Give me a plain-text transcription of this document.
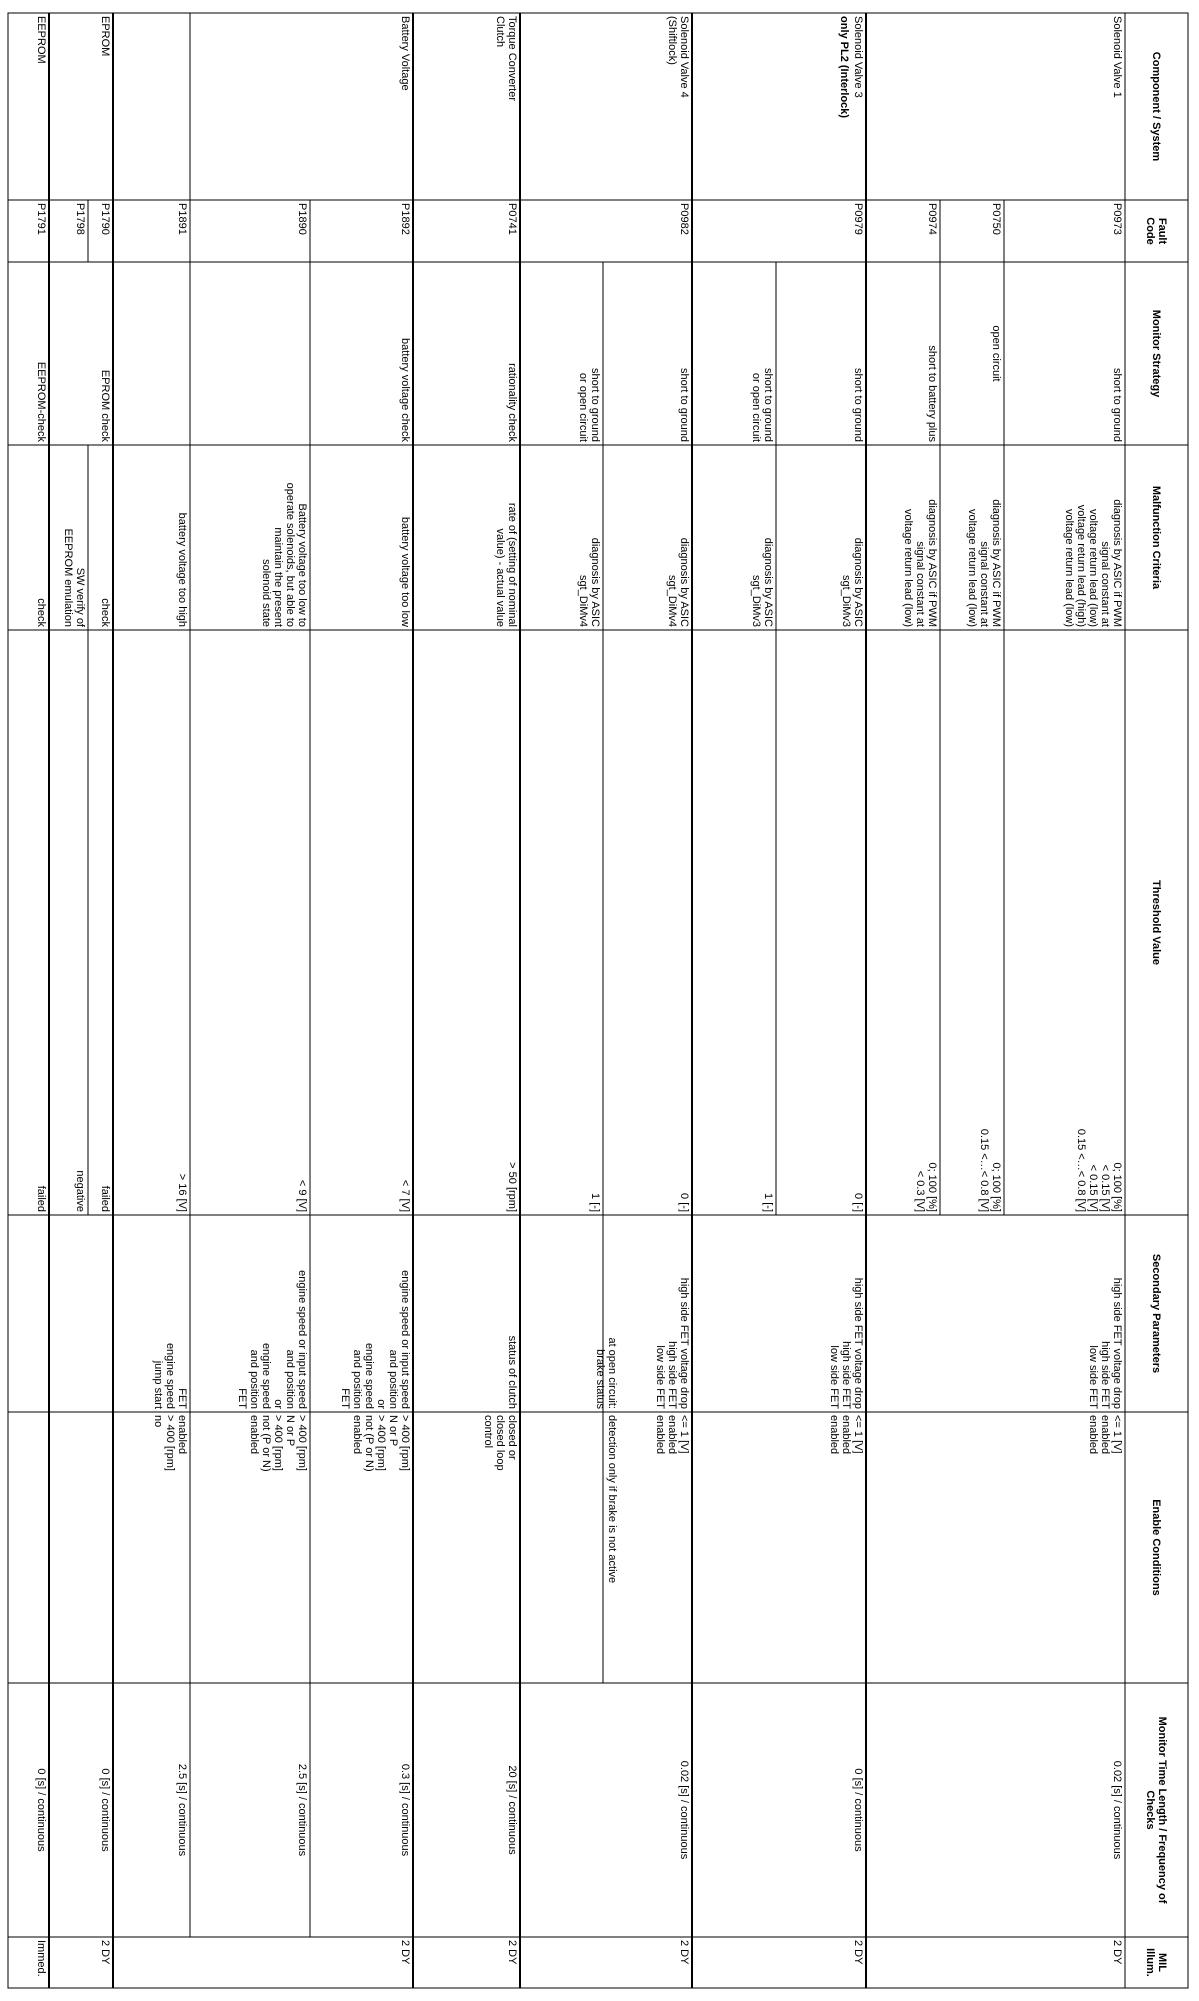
Component / System
Fault
Code
Monitor Strategy
Malfunction Criteria
Threshold Value
Secondary Parameters
Enable Conditions
Monitor Time Length / Frequency of
Checks
MIL
Illum.
Solenoid Valve 1
P0973
short to ground
diagnosis by ASIC if PWM
signal constant at
voltage return lead (low)
voltage return lead (high)
voltage return lead (low)
0; 100 [%]
< 0.15 [V]
< 0.15 [V]
0.15 <…< 0.8 [V]
high side FET voltage drop
high side FET
low side FET
<= 1 [V]
enabled
enabled
P0750
open circuit
diagnosis by ASIC if PWM
signal constant at
voltage return lead (low)
0; 100 [%]
0.15 <…< 0.8 [V]
P0974
short to battery plus
diagnosis by ASIC if PWM
signal constant at
voltage return lead (low)
0; 100 [%]
< 0.3 [V]
0.02 [s] / continuous
2 DY
Solenoid Valve 3
only PL2 (Interlock)
P0979
short to ground
diagnosis by ASIC
sgt_DiMv3
0 [-]
high side FET voltage drop
high side FET
low side FET
<= 1 [V]
enabled
enabled
short to ground
or open circuit
diagnosis by ASIC
sgt_DiMv3
1 [-]
0 [s] / continuous
2 DY
Solenoid Valve 4
(Shiftlock)
P0982
short to ground
diagnosis by ASIC
sgt_DiMv4
0 [-]
high side FET voltage drop
high side FET
low side FET
<= 1 [V]
enabled
enabled
short to ground
or open circuit
diagnosis by ASIC
sgt_DiMv4
1 [-]
at open circuit:
brake status
detection only if brake is not active
0.02 [s] / continuous
2 DY
Torque Converter
Clutch
P0741
rationality check
rate of (setting of nominal
value) - actual value
> 50 [rpm]
status of clutch
closed or
closed loop
control
20 [s] / continuous
2 DY
Battery Voltage
P1892
battery voltage check
battery voltage too low
< 7 [V]
engine speed or input speed
and position
or
engine speed
and position
FET
> 400 [rpm]
N or P
> 400 [rpm]
not (P or N)
enabled
0.3 [s] / continuous
P1890
Battery voltage too low to
operate solenoids, but able to
maintain the present
solenoid state
< 9 [V]
engine speed or input speed
and position
or
engine speed
and position
FET
> 400 [rpm]
N or P
> 400 [rpm]
not (P or N)
enabled
2.5 [s] / continuous
P1891
battery voltage too high
> 16 [V]
FET
engine speed
jump start
enabled
> 400 [rpm]
no
2.5 [s] / continuous
2 DY
EPROM
P1790
EPROM check
check
failed
P1798
SW verify of
EEPROM emulation
negative
0 [s] / continuous
2 DY
EEPROM
P1791
EEPROM-check
check
failed
0 [s] / continuous
Immed.
